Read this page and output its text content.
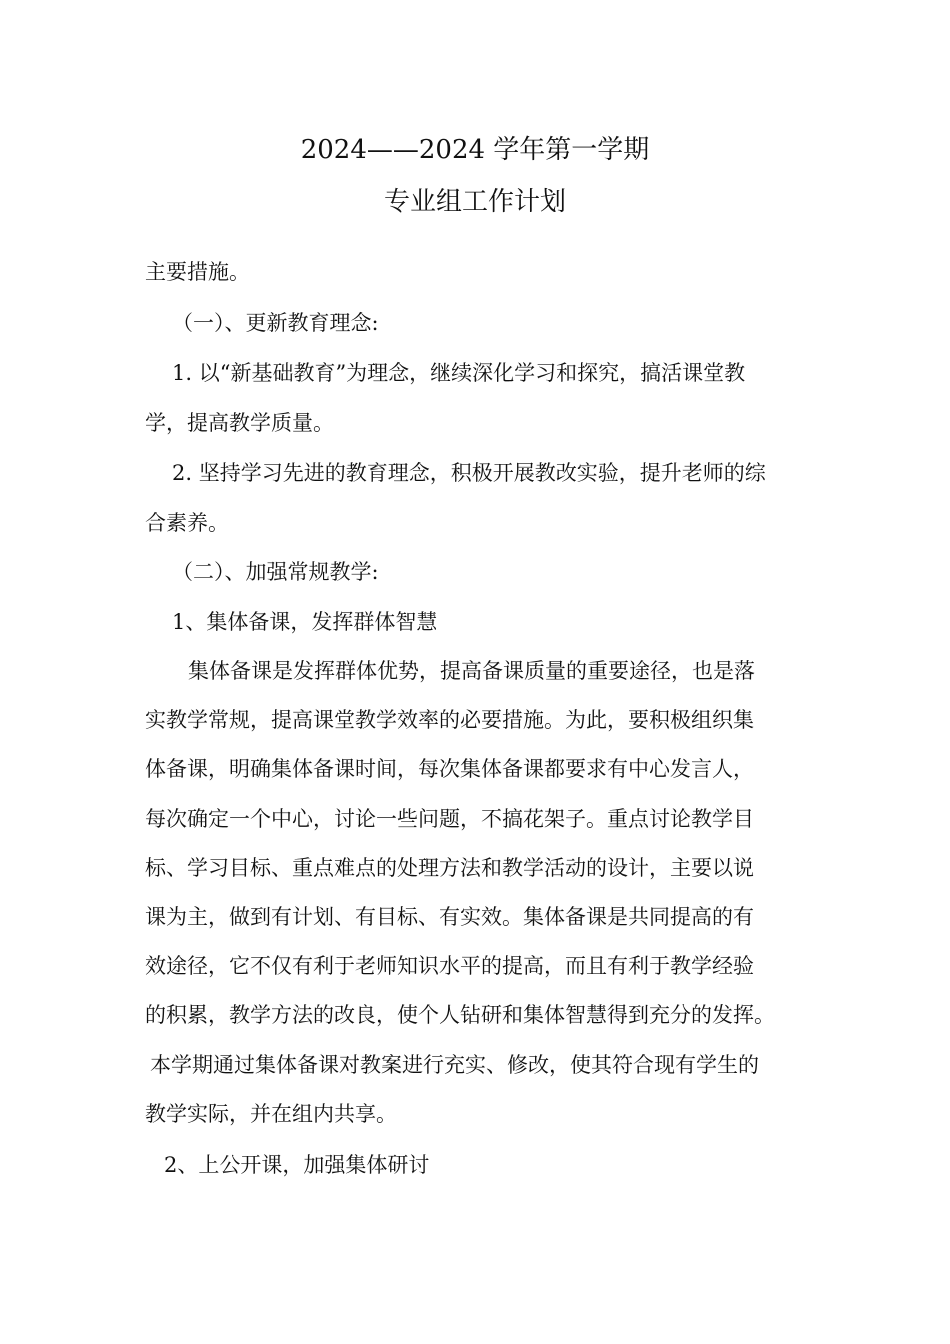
2024——2024 学年第一学期
专业组工作计划
主要措施。
（一）、更新教育理念:
1. 以“新基础教育”为理念，继续深化学习和探究，搞活课堂教
学，提高教学质量。
2. 坚持学习先进的教育理念，积极开展教改实验，提升老师的综
合素养。
（二）、加强常规教学:
1、集体备课，发挥群体智慧
集体备课是发挥群体优势，提高备课质量的重要途径，也是落
实教学常规，提高课堂教学效率的必要措施。为此，要积极组织集
体备课，明确集体备课时间，每次集体备课都要求有中心发言人，
每次确定一个中心，讨论一些问题，不搞花架子。重点讨论教学目
标、学习目标、重点难点的处理方法和教学活动的设计，主要以说
课为主，做到有计划、有目标、有实效。集体备课是共同提高的有
效途径，它不仅有利于老师知识水平的提高，而且有利于教学经验
的积累，教学方法的改良，使个人钻研和集体智慧得到充分的发挥。
本学期通过集体备课对教案进行充实、修改，使其符合现有学生的
教学实际，并在组内共享。
2、上公开课，加强集体研讨
